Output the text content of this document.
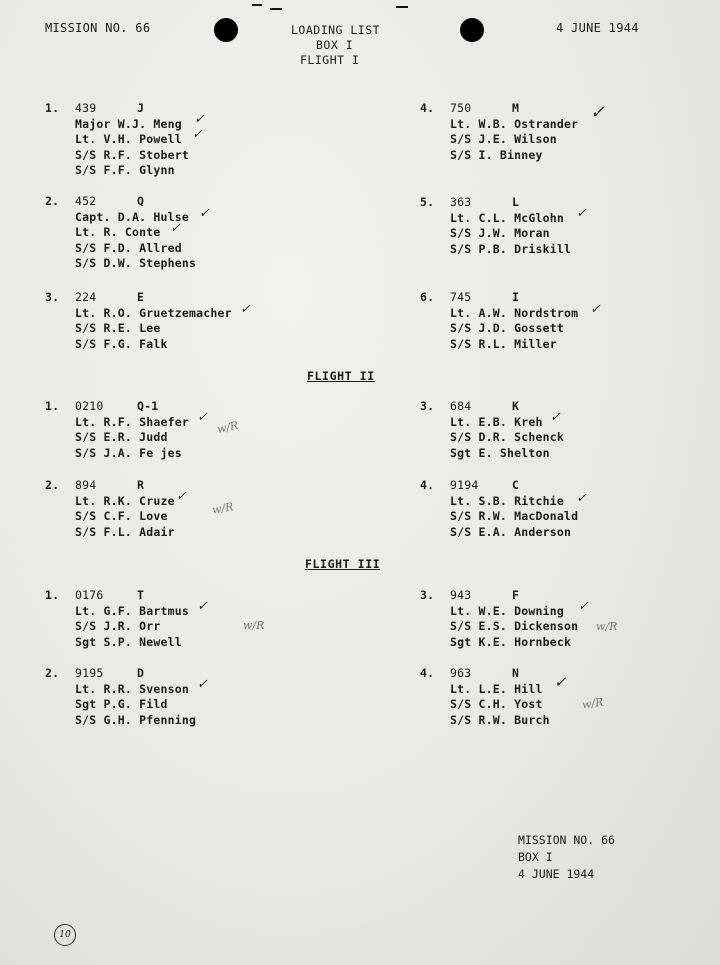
MISSION NO. 66	LOADING LIST
BOX I
FLIGHT I
4 JUNE 1944
1. 439	J
Major W.J. Meng
Lt. V.H. Powell
S/S R.F. Stobert
S/S F.F. Glynn
2. 452	Q
Capt. D.A. Hulse
Lt. R. Conte
S/S F.D. Allred
S/S D.W. Stephens
3. 224	E
Lt. R.O. Gruetzemacher
S/S R.E. Lee
S/S F.G. Falk
4. 750	M
Lt. W.B. Ostrander
S/S J.E. Wilson
S/S I. Binney
5. 363	L
Lt. C.L. McGlohn
S/S J.W. Moran
S/S P.B. Driskill
6. 745	I
Lt. A.W. Nordstrom
S/S J.D. Gossett
S/S R.L. Miller
FLIGHT II
1. 0210	Q-1
Lt. R.F. Shaefer
S/S E.R. Judd
S/S J.A. Fe jes
2. 894	R
Lt. R.K. Cruze
S/S C.F. Love
S/S F.L. Adair
3. 684	K
Lt. E.B. Kreh
S/S D.R. Schenck
Sgt E. Shelton
4. 9194	C
Lt. S.B. Ritchie
S/S R.W. MacDonald
S/S E.A. Anderson
FLIGHT III
1. 0176	T
Lt. G.F. Bartmus
S/S J.R. Orr
Sgt S.P. Newell
2. 9195	D
Lt. R.R. Svenson
Sgt P.G. Fild
S/S G.H. Pfenning
3. 943	F
Lt. W.E. Downing
S/S E.S. Dickenson
Sgt K.E. Hornbeck
4. 963	N
Lt. L.E. Hill
S/S C.H. Yost
S/S R.W. Burch
✓
✓
✓
✓
✓
✓
✓
✓
✓
✓
✓
✓
✓
✓
✓
✓
w/R
w/R
w/R	w/R
w/R
MISSION NO. 66
BOX I
4 JUNE 1944
10
